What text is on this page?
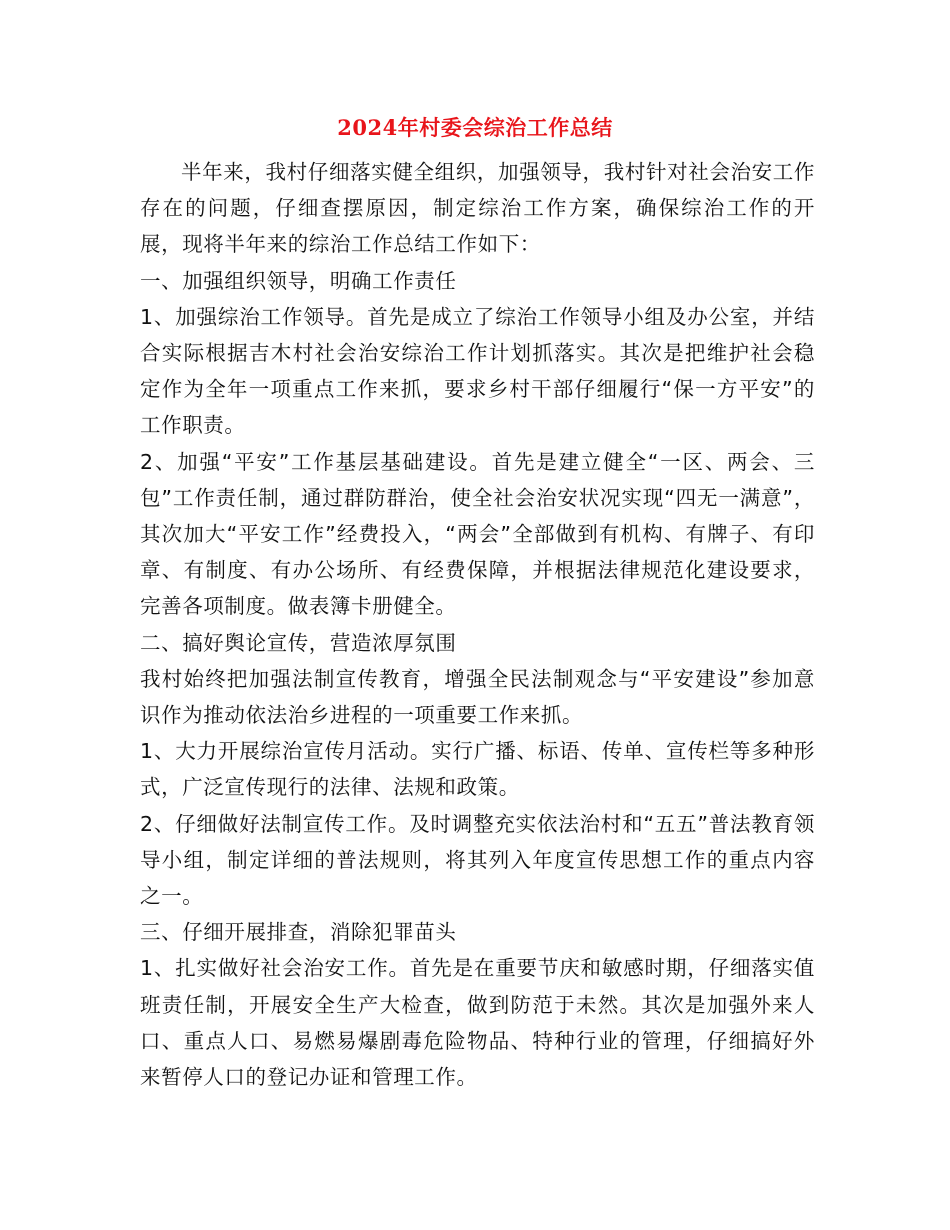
2024年村委会综治工作总结

半年来，我村仔细落实健全组织，加强领导，我村针对社会治安工作存在的问题，仔细查摆原因，制定综治工作方案，确保综治工作的开展，现将半年来的综治工作总结工作如下：

一、加强组织领导，明确工作责任

1、加强综治工作领导。首先是成立了综治工作领导小组及办公室，并结合实际根据吉木村社会治安综治工作计划抓落实。其次是把维护社会稳定作为全年一项重点工作来抓，要求乡村干部仔细履行“保一方平安”的工作职责。

2、加强“平安”工作基层基础建设。首先是建立健全“一区、两会、三包”工作责任制，通过群防群治，使全社会治安状况实现“四无一满意”，其次加大“平安工作”经费投入，“两会”全部做到有机构、有牌子、有印章、有制度、有办公场所、有经费保障，并根据法律规范化建设要求，完善各项制度。做表簿卡册健全。

二、搞好舆论宣传，营造浓厚氛围

我村始终把加强法制宣传教育，增强全民法制观念与“平安建设”参加意识作为推动依法治乡进程的一项重要工作来抓。

1、大力开展综治宣传月活动。实行广播、标语、传单、宣传栏等多种形式，广泛宣传现行的法律、法规和政策。

2、仔细做好法制宣传工作。及时调整充实依法治村和“五五”普法教育领导小组，制定详细的普法规则，将其列入年度宣传思想工作的重点内容之一。

三、仔细开展排查，消除犯罪苗头

1、扎实做好社会治安工作。首先是在重要节庆和敏感时期，仔细落实值班责任制，开展安全生产大检查，做到防范于未然。其次是加强外来人口、重点人口、易燃易爆剧毒危险物品、特种行业的管理，仔细搞好外来暂停人口的登记办证和管理工作。
